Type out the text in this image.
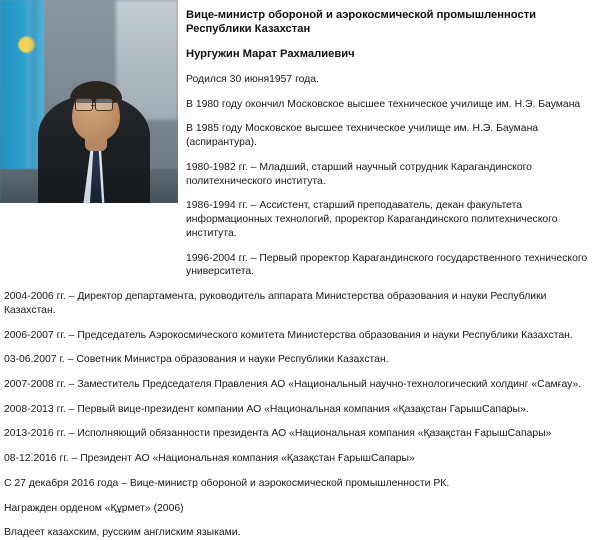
Вице-министр обороной и аэрокосмической промышленности Республики Казахстан
Нургужин Марат Рахмалиевич

Родился 30 июня1957 года.

В 1980 году окончил Московское высшее техническое училище им. Н.Э. Баумана

В 1985 году Московское высшее техническое училище им. Н.Э. Баумана (аспирантура).

1980-1982 гг. – Младший, старший научный сотрудник Карагандинского политехнического института.

1986-1994 гг. – Ассистент, старший преподаватель, декан факультета информационных технологий, проректор Карагандинского политехнического института.

1996-2004 гг. – Первый проректор Карагандинского государственного технического университета.

2004-2006 гг. – Директор департамента, руководитель аппарата Министерства образования и науки Республики Казахстан.

2006-2007 гг. – Председатель Аэрокосмического комитета Министерства образования и науки Республики Казахстан.

03-06.2007 г. – Советник Министра образования и науки Республики Казахстан.

2007-2008 гг. – Заместитель Председателя Правления АО «Национальный научно-технологический холдинг «Самғау».

2008-2013 гг. – Первый вице-президент компании АО «Национальная компания «Қазақстан ГарышСапары».

2013-2016 гг. – Исполняющий обязанности президента АО «Национальная компания «Қазақстан ҒарышСапары»

08-12.2016 гг. – Президент АО «Национальная компания «Қазақстан ҒарышСапары»

С 27 декабря 2016 года – Вице-министр обороной и аэрокосмической промышленности РК.

Награжден орденом «Құрмет» (2006)

Владеет казахским, русским англиским языками.
